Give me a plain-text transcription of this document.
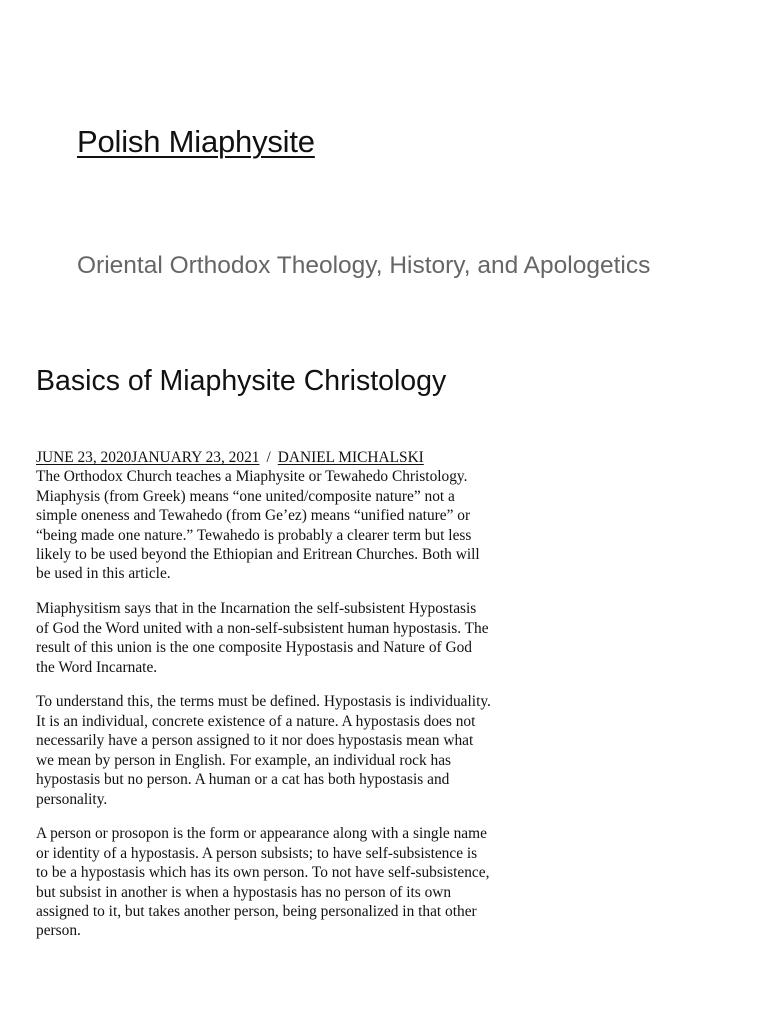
Polish Miaphysite

Oriental Orthodox Theology, History, and Apologetics

Basics of Miaphysite Christology
JUNE 23, 2020JANUARY 23, 2021 / DANIEL MICHALSKI

The Orthodox Church teaches a Miaphysite or Tewahedo Christology. Miaphysis (from Greek) means “one united/composite nature” not a simple oneness and Tewahedo (from Ge’ez) means “unified nature” or “being made one nature.” Tewahedo is probably a clearer term but less likely to be used beyond the Ethiopian and Eritrean Churches. Both will be used in this article.

Miaphysitism says that in the Incarnation the self-subsistent Hypostasis of God the Word united with a non-self-subsistent human hypostasis. The result of this union is the one composite Hypostasis and Nature of God the Word Incarnate.

To understand this, the terms must be defined. Hypostasis is individuality. It is an individual, concrete existence of a nature. A hypostasis does not necessarily have a person assigned to it nor does hypostasis mean what we mean by person in English. For example, an individual rock has hypostasis but no person. A human or a cat has both hypostasis and personality.

A person or prosopon is the form or appearance along with a single name or identity of a hypostasis. A person subsists; to have self-subsistence is to be a hypostasis which has its own person. To not have self-subsistence, but subsist in another is when a hypostasis has no person of its own assigned to it, but takes another person, being personalized in that other person.
